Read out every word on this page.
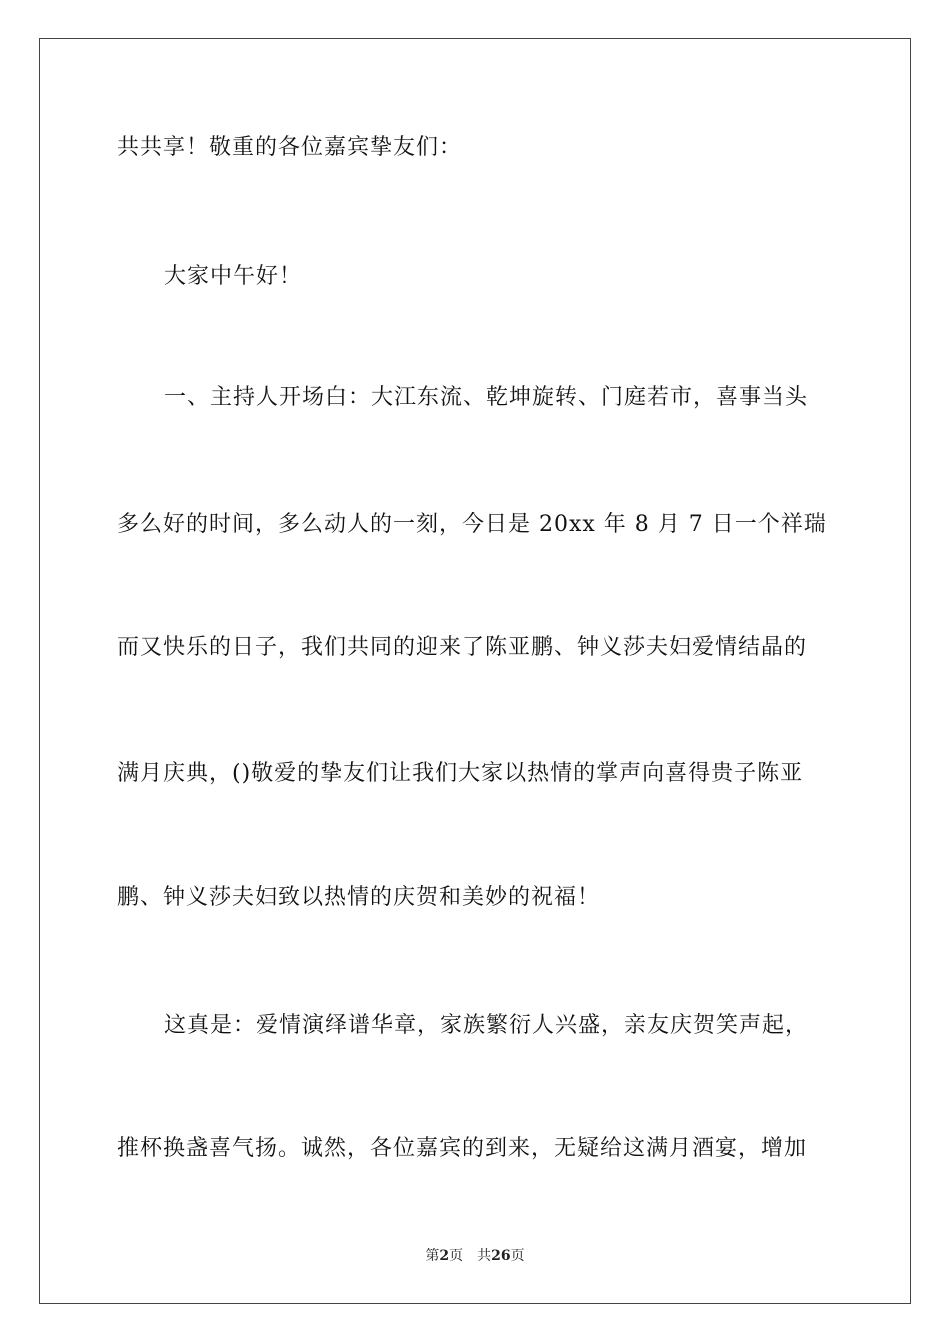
共共享！敬重的各位嘉宾挚友们：
大家中午好！
一、主持人开场白：大江东流、乾坤旋转、门庭若市，喜事当头
多么好的时间，多么动人的一刻，今日是 20xx 年 8 月 7 日一个祥瑞
而又快乐的日子，我们共同的迎来了陈亚鹏、钟义莎夫妇爱情结晶的
满月庆典，()敬爱的挚友们让我们大家以热情的掌声向喜得贵子陈亚
鹏、钟义莎夫妇致以热情的庆贺和美妙的祝福！
这真是：爱情演绎谱华章，家族繁衍人兴盛，亲友庆贺笑声起，
推杯换盏喜气扬。诚然，各位嘉宾的到来，无疑给这满月酒宴，增加
第2页 共26页
